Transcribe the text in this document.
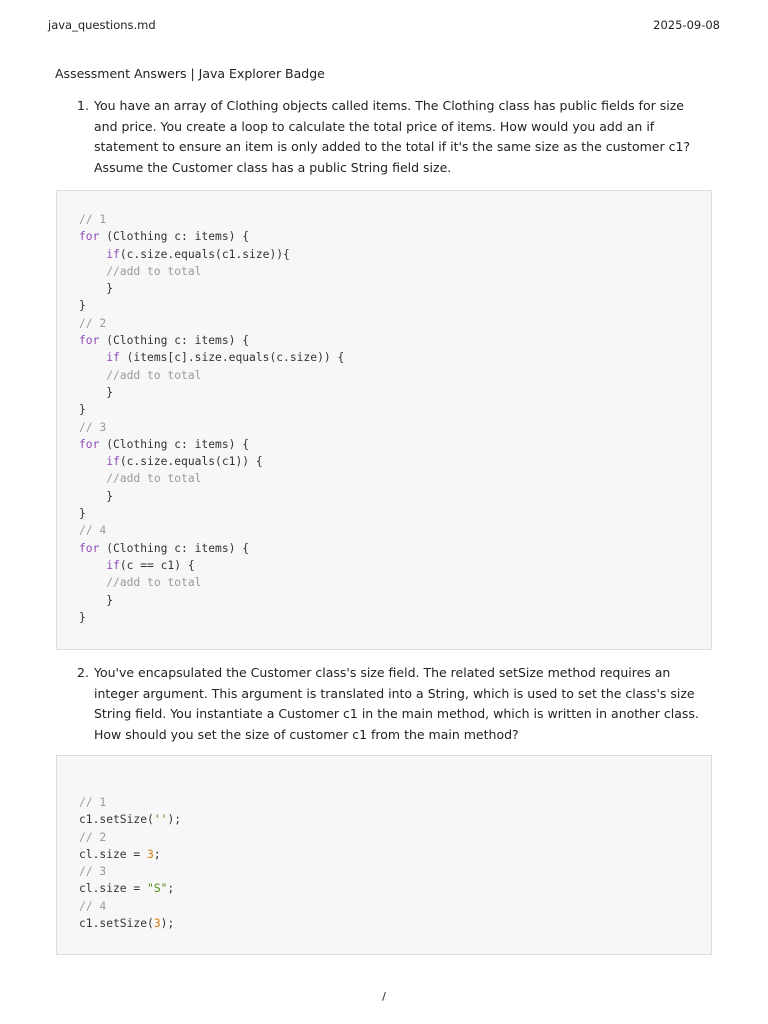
java_questions.md	2025-09-08
Assessment Answers | Java Explorer Badge
1. You have an array of Clothing objects called items. The Clothing class has public fields for size and price. You create a loop to calculate the total price of items. How would you add an if statement to ensure an item is only added to the total if it's the same size as the customer c1? Assume the Customer class has a public String field size.
// 1
for (Clothing c: items) {
if(c.size.equals(c1.size)){
//add to total
}
}
// 2
for (Clothing c: items) {
if (items[c].size.equals(c.size)) {
//add to total
}
}
// 3
for (Clothing c: items) {
if(c.size.equals(c1)) {
//add to total
}
}
// 4
for (Clothing c: items) {
if(c == c1) {
//add to total
}
}
2. You've encapsulated the Customer class's size field. The related setSize method requires an integer argument. This argument is translated into a String, which is used to set the class's size String field. You instantiate a Customer c1 in the main method, which is written in another class. How should you set the size of customer c1 from the main method?
// 1
c1.setSize('');
// 2
cl.size = 3;
// 3
cl.size = "S";
// 4
c1.setSize(3);
/
